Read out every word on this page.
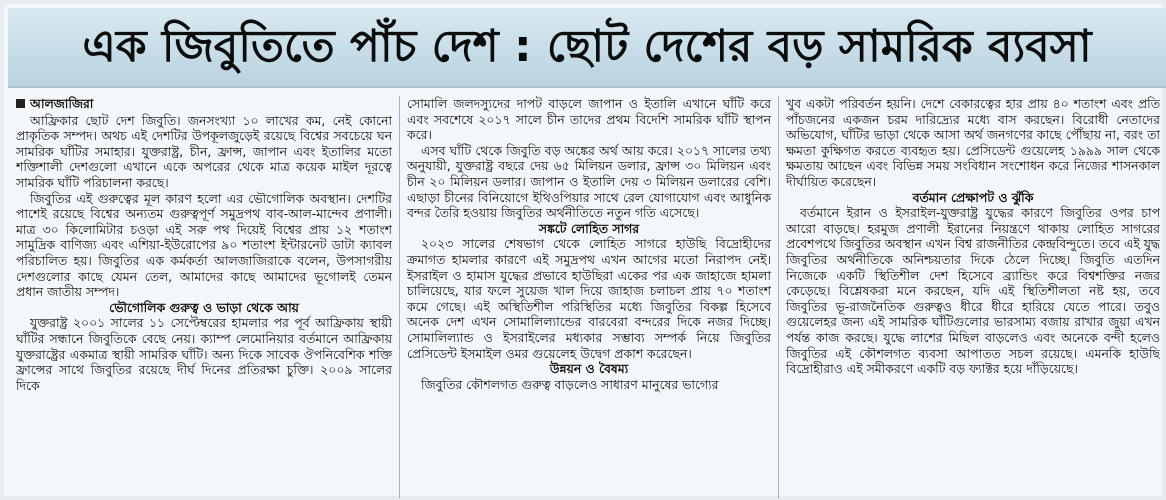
এক জিবুতিতে পাঁচ দেশ : ছোট দেশের বড় সামরিক ব্যবসা
আলজাজিরা

আফ্রিকার ছোট দেশ জিবুতি। জনসংখ্যা ১০ লাখের কম, নেই কোনো প্রাকৃতিক সম্পদ। অথচ এই দেশটির উপকূলজুড়েই রয়েছে বিশ্বের সবচেয়ে ঘন সামরিক ঘাঁটির সমাহার। যুক্তরাষ্ট্র, চীন, ফ্রান্স, জাপান এবং ইতালির মতো শক্তিশালী দেশগুলো এখানে একে অপরের থেকে মাত্র কয়েক মাইল দূরত্বে সামরিক ঘাঁটি পরিচালনা করছে।

জিবুতির এই গুরুত্বের মূল কারণ হলো এর ভৌগোলিক অবস্থান। দেশটির পাশেই রয়েছে বিশ্বের অন্যতম গুরুত্বপূর্ণ সমুদ্রপথ বাব-আল-মান্দেব প্রণালী। মাত্র ৩০ কিলোমিটার চওড়া এই সরু পথ দিয়েই বিশ্বের প্রায় ১২ শতাংশ সামুদ্রিক বাণিজ্য এবং এশিয়া-ইউরোপের ৯০ শতাংশ ইন্টারনেট ডাটা ক্যাবল পরিচালিত হয়। জিবুতির এক কর্মকর্তা আলজাজিরাকে বলেন, উপসাগরীয় দেশগুলোর কাছে যেমন তেল, আমাদের কাছে আমাদের ভূগোলই তেমন প্রধান জাতীয় সম্পদ।

ভৌগোলিক গুরুত্ব ও ভাড়া থেকে আয়

যুক্তরাষ্ট্র ২০০১ সালের ১১ সেপ্টেম্বরের হামলার পর পূর্ব আফ্রিকায় স্থায়ী ঘাঁটির সন্ধানে জিবুতিকে বেছে নেয়। ক্যাম্প লেমোনিয়ার বর্তমানে আফ্রিকায় যুক্তরাষ্ট্রের একমাত্র স্থায়ী সামরিক ঘাঁটি। অন্য দিকে সাবেক ঔপনিবেশিক শক্তি ফ্রান্সের সাথে জিবুতির রয়েছে দীর্ঘ দিনের প্রতিরক্ষা চুক্তি। ২০০৯ সালের দিকে

সোমালি জলদস্যুদের দাপট বাড়লে জাপান ও ইতালি এখানে ঘাঁটি করে এবং সবশেষে ২০১৭ সালে চীন তাদের প্রথম বিদেশি সামরিক ঘাঁটি স্থাপন করে।

এসব ঘাঁটি থেকে জিবুতি বড় অঙ্কের অর্থ আয় করে। ২০১৭ সালের তথ্য অনুযায়ী, যুক্তরাষ্ট্র বছরে দেয় ৬৫ মিলিয়ন ডলার, ফ্রান্স ৩০ মিলিয়ন এবং চীন ২০ মিলিয়ন ডলার। জাপান ও ইতালি দেয় ৩ মিলিয়ন ডলারের বেশি। এছাড়া চীনের বিনিয়োগে ইথিওপিয়ার সাথে রেল যোগাযোগ এবং আধুনিক বন্দর তৈরি হওয়ায় জিবুতির অর্থনীতিতে নতুন গতি এসেছে।

সঙ্কটে লোহিত সাগর

২০২৩ সালের শেষভাগ থেকে লোহিত সাগরে হাউছি বিদ্রোহীদের ক্রমাগত হামলার কারণে এই সমুদ্রপথ এখন আগের মতো নিরাপদ নেই। ইসরাইল ও হামাস যুদ্ধের প্রভাবে হাউছিরা একের পর এক জাহাজে হামলা চালিয়েছে, যার ফলে সুয়েজ খাল দিয়ে জাহাজ চলাচল প্রায় ৭০ শতাংশ কমে গেছে। এই অস্থিতিশীল পরিস্থিতির মধ্যে জিবুতির বিকল্প হিসেবে অনেক দেশ এখন সোমালিল্যান্ডের বারবেরা বন্দরের দিকে নজর দিচ্ছে। সোমালিল্যান্ড ও ইসরাইলের মধ্যকার সম্ভাব্য সম্পর্ক নিয়ে জিবুতির প্রেসিডেন্ট ইসমাইল ওমর গুয়েলেহ উদ্বেগ প্রকাশ করেছেন।

উন্নয়ন ও বৈষম্য

জিবুতির কৌশলগত গুরুত্ব বাড়লেও সাধারণ মানুষের ভাগ্যের

খুব একটা পরিবর্তন হয়নি। দেশে বেকারত্বের হার প্রায় ৪০ শতাংশ এবং প্রতি পাঁচজনের একজন চরম দারিদ্র্যের মধ্যে বাস করছেন। বিরোধী নেতাদের অভিযোগ, ঘাঁটির ভাড়া থেকে আসা অর্থ জনগণের কাছে পৌঁছায় না, বরং তা ক্ষমতা কুক্ষিগত করতে ব্যবহৃত হয়। প্রেসিডেন্ট গুয়েলেহ ১৯৯৯ সাল থেকে ক্ষমতায় আছেন এবং বিভিন্ন সময় সংবিধান সংশোধন করে নিজের শাসনকাল দীর্ঘায়িত করেছেন।

বর্তমান প্রেক্ষাপট ও ঝুঁকি

বর্তমানে ইরান ও ইসরাইল-যুক্তরাষ্ট্র যুদ্ধের কারণে জিবুতির ওপর চাপ আরো বাড়ছে। হরমুজ প্রণালী ইরানের নিয়ন্ত্রণে থাকায় লোহিত সাগরের প্রবেশপথে জিবুতির অবস্থান এখন বিশ্ব রাজনীতির কেন্দ্রবিন্দুতে। তবে এই যুদ্ধ জিবুতির অর্থনীতিকে অনিশ্চয়তার দিকে ঠেলে দিচ্ছে। জিবুতি এতদিন নিজেকে একটি স্থিতিশীল দেশ হিসেবে ব্র্যান্ডিং করে বিশ্বশক্তির নজর কেড়েছে। বিশ্লেষকরা মনে করছেন, যদি এই স্থিতিশীলতা নষ্ট হয়, তবে জিবুতির ভূ-রাজনৈতিক গুরুত্বও ধীরে ধীরে হারিয়ে যেতে পারে। তবুও গুয়েলেহর জন্য এই সামরিক ঘাঁটিগুলোর ভারসাম্য বজায় রাখার জুয়া এখন পর্যন্ত কাজ করছে। যুদ্ধে লাশের মিছিল বাড়লেও এবং অনেকে বন্দী হলেও জিবুতির এই কৌশলগত ব্যবসা আপাতত সচল রয়েছে। এমনকি হাউছি বিদ্রোহীরাও এই সমীকরণে একটি বড় ফ্যাক্টর হয়ে দাঁড়িয়েছে।
